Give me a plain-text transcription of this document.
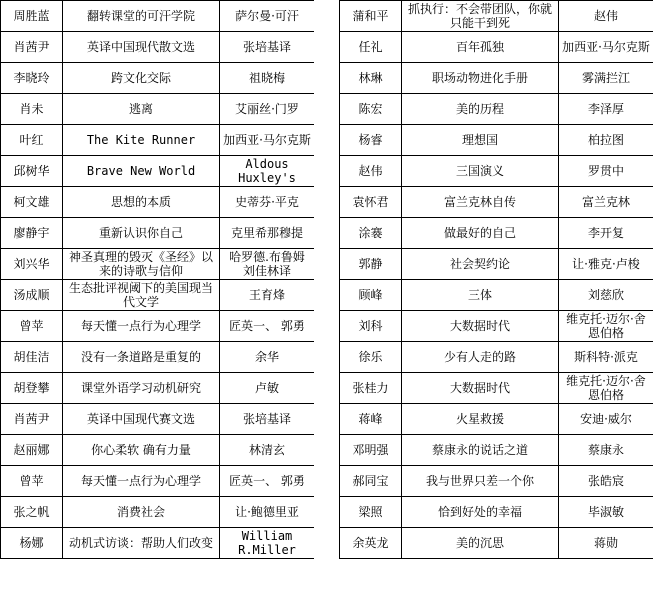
周胜蓝	翻转课堂的可汗学院	萨尔曼·可汗
肖茜尹	英译中国现代散文选	张培基译
李晓玲	跨文化交际	祖晓梅
肖未	逃离	艾丽丝·门罗
叶红	The Kite Runner	加西亚·马尔克斯
邱树华	Brave New World	Aldous Huxley's
柯文雄	思想的本质	史蒂芬·平克
廖静宇	重新认识你自己	克里希那穆提
刘兴华	神圣真理的毁灭《圣经》以来的诗歌与信仰	哈罗德.布鲁姆 刘佳林译
汤成顺	生态批评视阈下的美国现当代文学	王育烽
曾苹	每天懂一点行为心理学	匠英一、 郭勇
胡佳洁	没有一条道路是重复的	余华
胡登攀	课堂外语学习动机研究	卢敏
肖茜尹	英译中国现代赛文选	张培基译
赵丽娜	你心柔软 确有力量	林清玄
曾苹	每天懂一点行为心理学	匠英一、 郭勇
张之帆	消费社会	让·鲍德里亚
杨娜	动机式访谈：帮助人们改变	William R.Miller
蒲和平	抓执行：不会带团队，你就只能干到死	赵伟
任礼	百年孤独	加西亚·马尔克斯
林琳	职场动物进化手册	雾满拦江
陈宏	美的历程	李泽厚
杨睿	理想国	柏拉图
赵伟	三国演义	罗贯中
袁怀君	富兰克林自传	富兰克林
涂褰	做最好的自己	李开复
郭静	社会契约论	让·雅克·卢梭
顾峰	三体	刘慈欣
刘科	大数据时代	维克托·迈尔·舍恩伯格
徐乐	少有人走的路	斯科特·派克
张桂力	大数据时代	维克托·迈尔·舍恩伯格
蒋峰	火星救援	安迪·威尔
邓明强	蔡康永的说话之道	蔡康永
郝同宝	我与世界只差一个你	张皓宸
梁照	恰到好处的幸福	毕淑敏
余英龙	美的沉思	蒋勋
